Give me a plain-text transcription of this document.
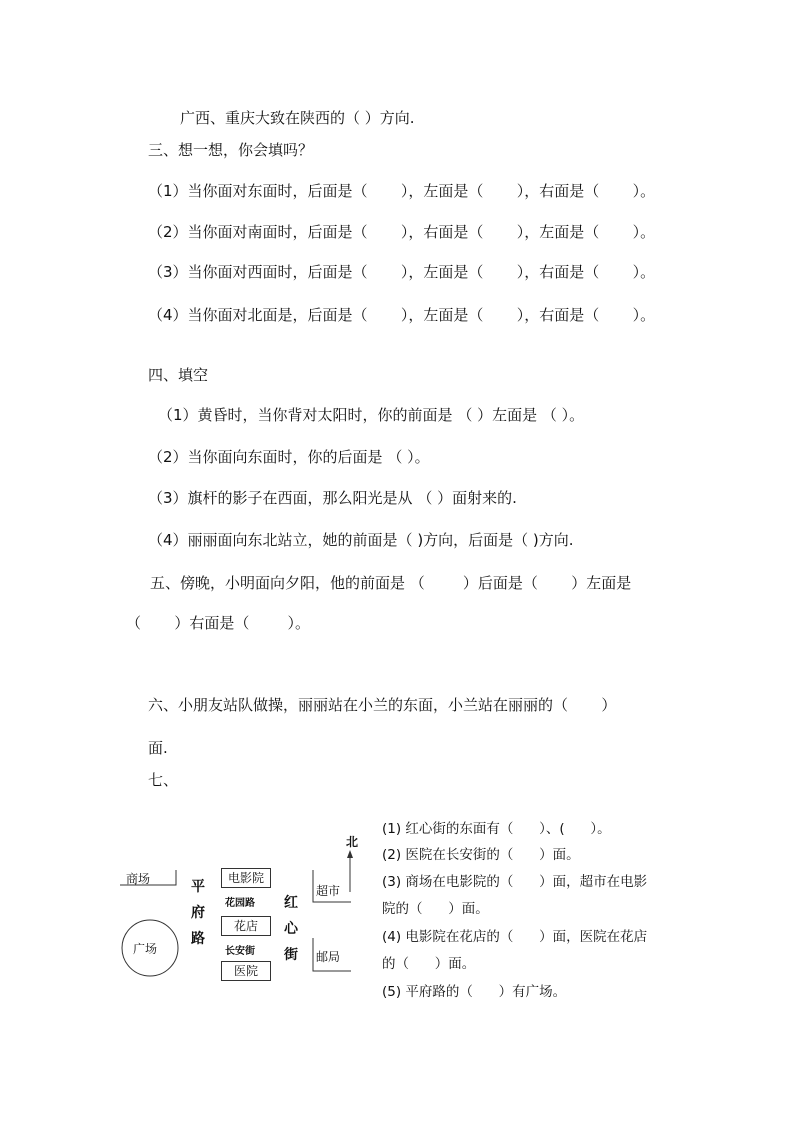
广西、重庆大致在陕西的（ ）方向.
三、想一想，你会填吗？
（1）当你面对东面时，后面是（       ），左面是（       ），右面是（       ）。
（2）当你面对南面时，后面是（       ），右面是（       ），左面是（       ）。
（3）当你面对西面时，后面是（       ），左面是（       ），右面是（       ）。
（4）当你面对北面是，后面是（       ），左面是（       ），右面是（       ）。
四、填空
（1）黄昏时，当你背对太阳时，你的前面是 （ ）左面是 （ ）。
（2）当你面向东面时，你的后面是 （ ）。
（3）旗杆的影子在西面，那么阳光是从 （ ）面射来的.
（4）丽丽面向东北站立，她的前面是（ )方向，后面是（ )方向.
五、傍晚，小明面向夕阳，他的前面是 （        ）后面是（       ）左面是
（       ）右面是（        ）。
六、小朋友站队做操，丽丽站在小兰的东面，小兰站在丽丽的（       ）
面.
七、
北
商场
广场
平
府
路
电影院
花园路
花店
长安街
医院
红
心
街
超市
邮局
(1) 红心街的东面有（      ）、(      ）。
(2) 医院在长安街的（      ）面。
(3) 商场在电影院的（      ）面，超市在电影
院的（      ）面。
(4) 电影院在花店的（      ）面，医院在花店
的（      ）面。
(5) 平府路的（      ）有广场。
